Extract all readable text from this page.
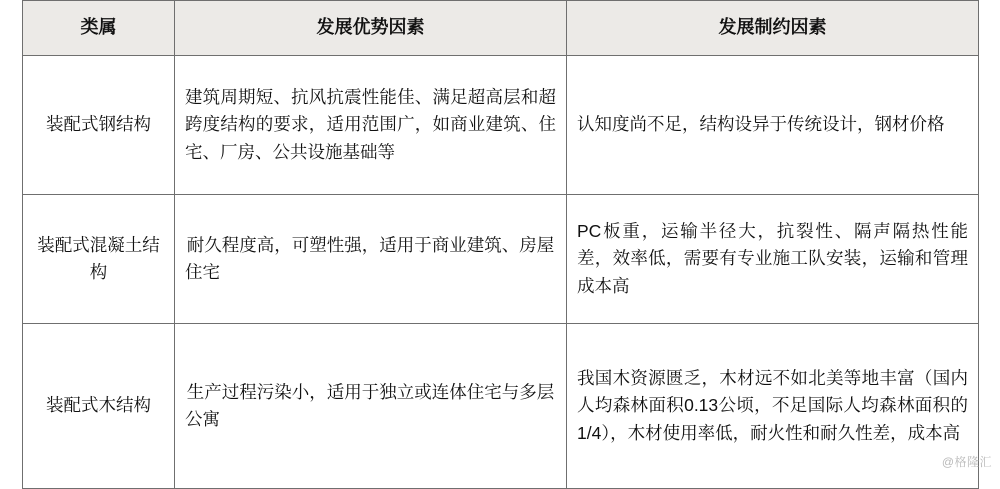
类属	发展优势因素	发展制约因素
装配式钢结构	建筑周期短、抗风抗震性能佳、满足超高层和超跨度结构的要求，适用范围广，如商业建筑、住宅、厂房、公共设施基础等	认知度尚不足，结构设异于传统设计，钢材价格
装配式混凝土结构	耐久程度高，可塑性强，适用于商业建筑、房屋住宅	PC板重，运输半径大，抗裂性、隔声隔热性能差，效率低，需要有专业施工队安装，运输和管理成本高
装配式木结构	生产过程污染小，适用于独立或连体住宅与多层公寓	我国木资源匮乏，木材远不如北美等地丰富（国内人均森林面积0.13公顷，不足国际人均森林面积的1/4），木材使用率低，耐火性和耐久性差，成本高
@格隆汇
